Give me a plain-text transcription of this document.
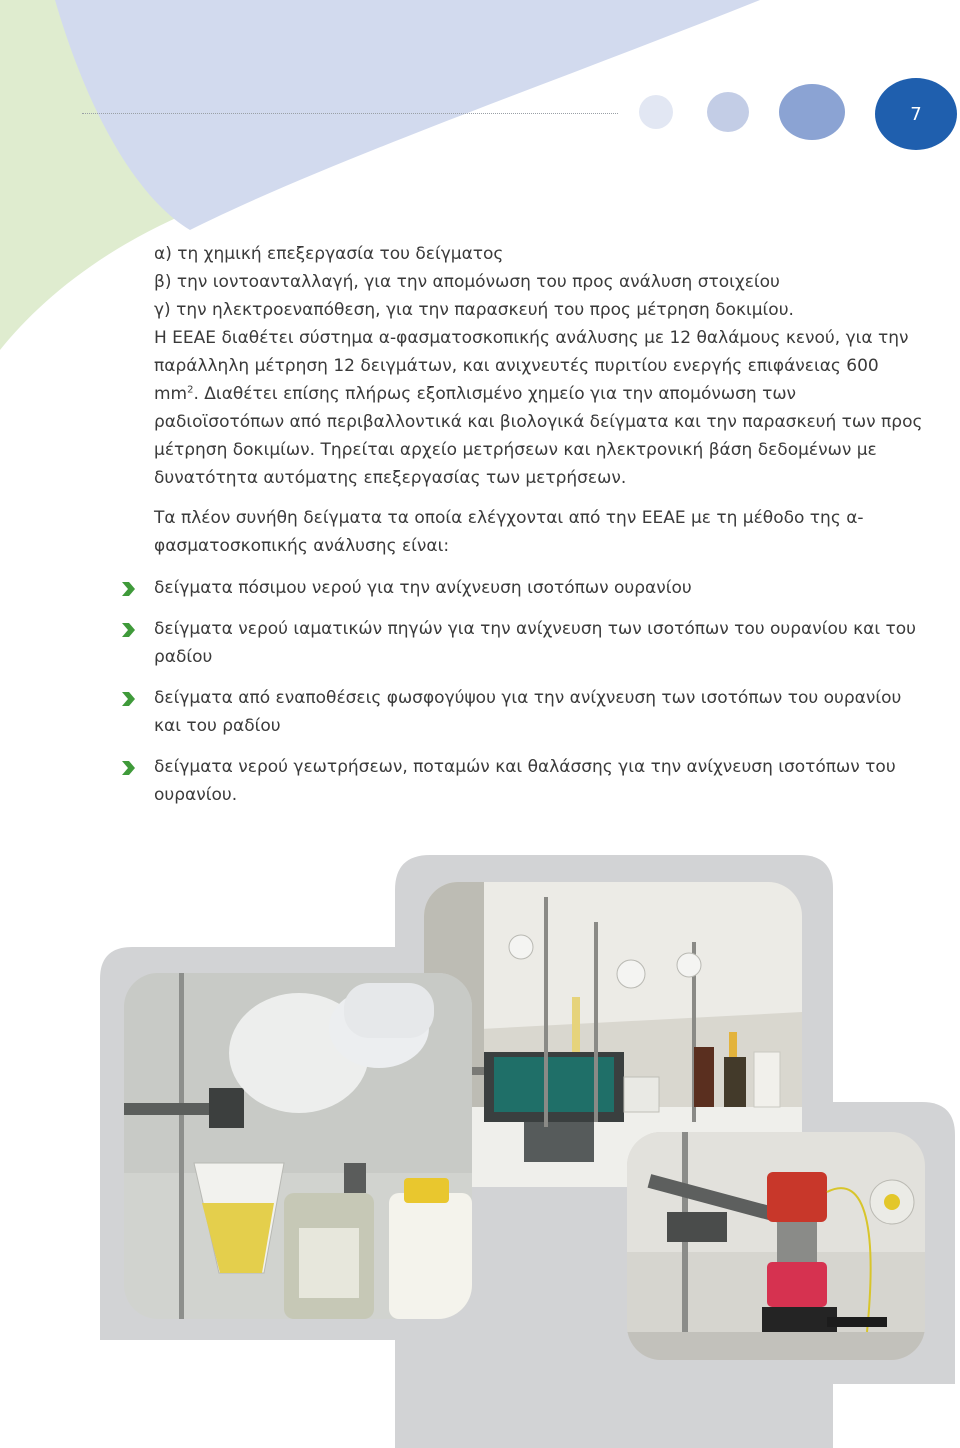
7

α) τη χημική επεξεργασία του δείγματος

β) την ιοντοανταλλαγή, για την απομόνωση του προς ανάλυση στοιχείου

γ) την ηλεκτροεναπόθεση, για την παρασκευή του προς μέτρηση δοκιμίου.

Η ΕΕΑΕ διαθέτει σύστημα α-φασματοσκοπικής ανάλυσης με 12 θαλάμους κενού, για την παράλληλη μέτρηση 12 δειγμάτων, και ανιχνευτές πυριτίου ενεργής επιφάνειας 600 $mm^2$. Διαθέτει επίσης πλήρως εξοπλισμένο χημείο για την απομόνωση των ραδιοϊσοτόπων από περιβαλλοντικά και βιολογικά δείγματα και την παρασκευή των προς μέτρηση δοκιμίων. Τηρείται αρχείο μετρήσεων και ηλεκτρονική βάση δεδομένων με δυνατότητα αυτόματης επεξεργασίας των μετρήσεων.

Τα πλέον συνήθη δείγματα τα οποία ελέγχονται από την ΕΕΑΕ με τη μέθοδο της α-φασματοσκοπικής ανάλυσης είναι:

δείγματα πόσιμου νερού για την ανίχνευση ισοτόπων ουρανίου
δείγματα νερού ιαματικών πηγών για την ανίχνευση των ισοτόπων του ουρανίου και του ραδίου
δείγματα από εναποθέσεις φωσφογύψου για την ανίχνευση των ισοτόπων του ουρανίου και του ραδίου
δείγματα νερού γεωτρήσεων, ποταμών και θαλάσσης για την ανίχνευση ισοτόπων του ουρανίου.
